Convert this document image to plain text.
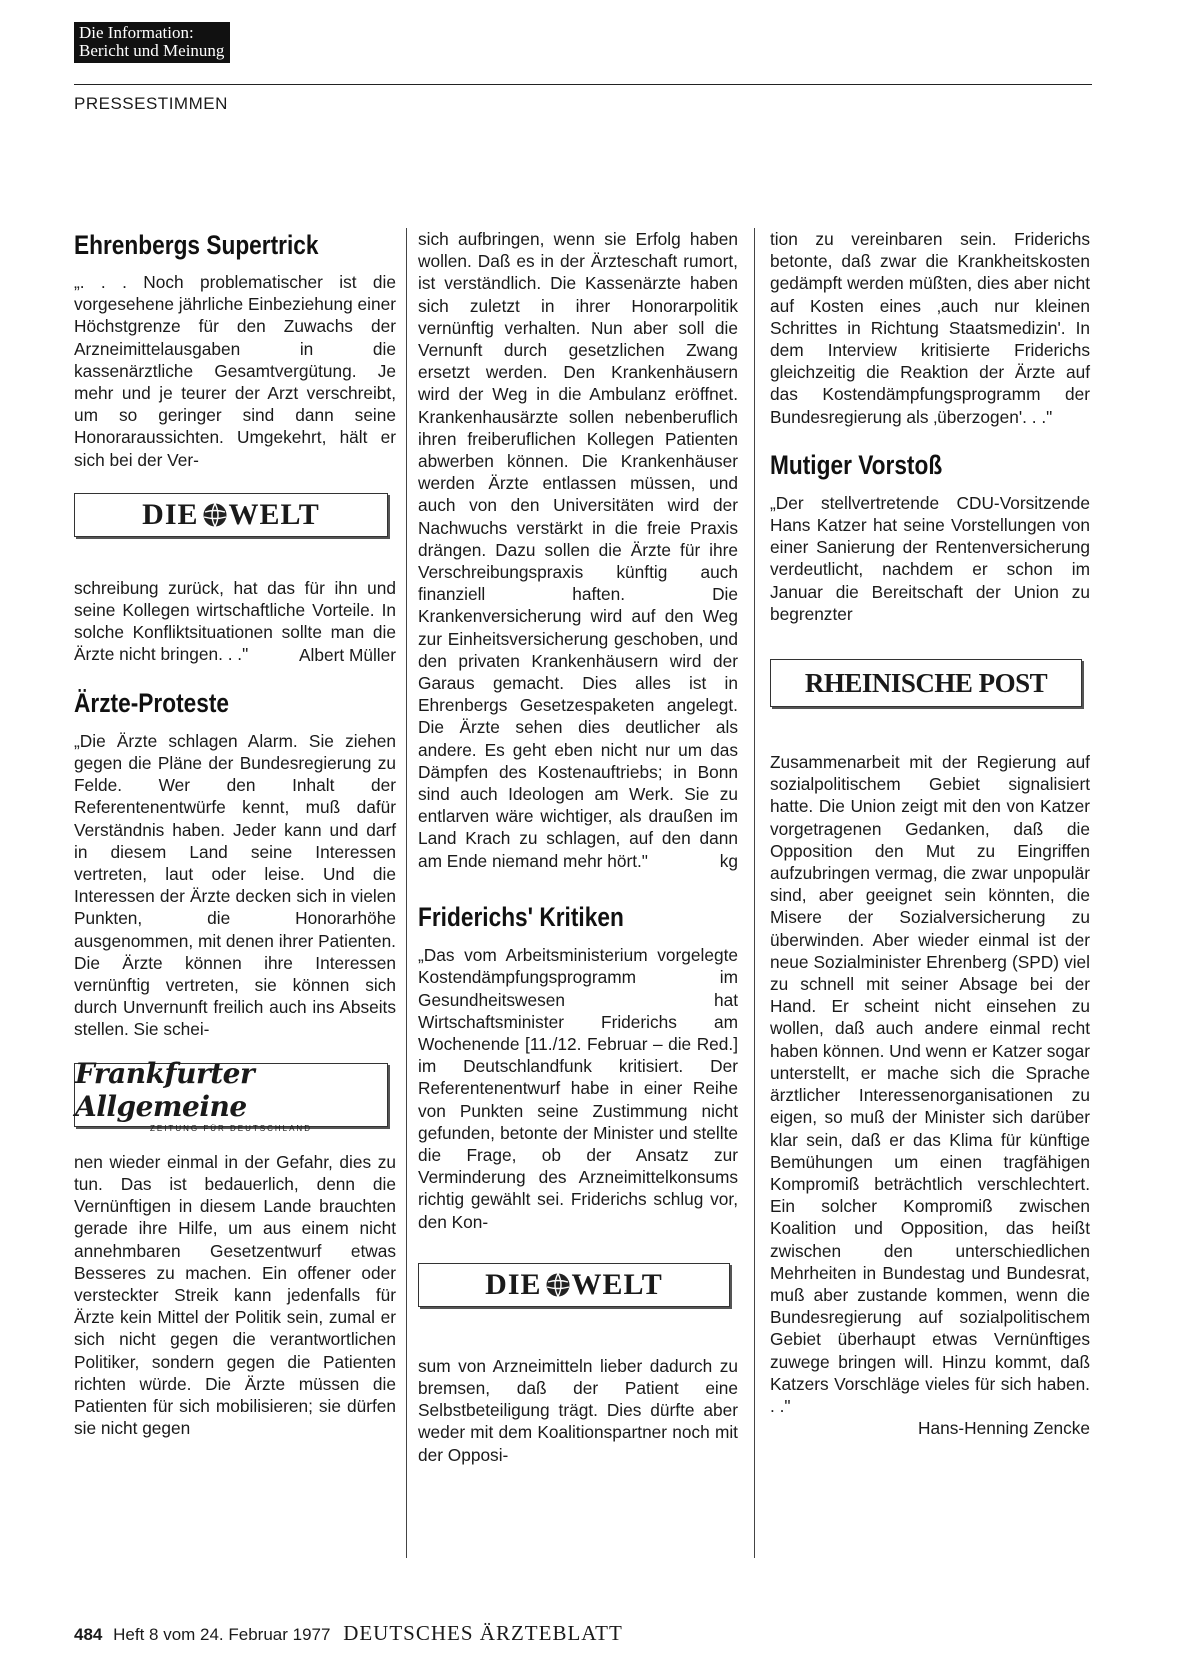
Die Information:
Bericht und Meinung
PRESSESTIMMEN
Ehrenbergs Supertrick

„. . . Noch problematischer ist die vorgesehene jährliche Einbeziehung einer Höchstgrenze für den Zuwachs der Arzneimittelausgaben in die kassenärztliche Gesamtvergütung. Je mehr und je teurer der Arzt verschreibt, um so geringer sind dann seine Honoraraussichten. Umgekehrt, hält er sich bei der Ver-

DIE WELT

schreibung zurück, hat das für ihn und seine Kollegen wirtschaftliche Vorteile. In solche Konfliktsituationen sollte man die Ärzte nicht bringen. . ."	Albert Müller

Ärzte-Proteste

„Die Ärzte schlagen Alarm. Sie ziehen gegen die Pläne der Bundesregierung zu Felde. Wer den Inhalt der Referentenentwürfe kennt, muß dafür Verständnis haben. Jeder kann und darf in diesem Land seine Interessen vertreten, laut oder leise. Und die Interessen der Ärzte decken sich in vielen Punkten, die Honorarhöhe ausgenommen, mit denen ihrer Patienten. Die Ärzte können ihre Interessen vernünftig vertreten, sie können sich durch Unvernunft freilich auch ins Abseits stellen. Sie schei-

Frankfurter Allgemeine
ZEITUNG FÜR DEUTSCHLAND

nen wieder einmal in der Gefahr, dies zu tun. Das ist bedauerlich, denn die Vernünftigen in diesem Lande brauchten gerade ihre Hilfe, um aus einem nicht annehmbaren Gesetzentwurf etwas Besseres zu machen. Ein offener oder versteckter Streik kann jedenfalls für Ärzte kein Mittel der Politik sein, zumal er sich nicht gegen die verantwortlichen Politiker, sondern gegen die Patienten richten würde. Die Ärzte müssen die Patienten für sich mobilisieren; sie dürfen sie nicht gegen

sich aufbringen, wenn sie Erfolg haben wollen. Daß es in der Ärzteschaft rumort, ist verständlich. Die Kassenärzte haben sich zuletzt in ihrer Honorarpolitik vernünftig verhalten. Nun aber soll die Vernunft durch gesetzlichen Zwang ersetzt werden. Den Krankenhäusern wird der Weg in die Ambulanz eröffnet. Krankenhausärzte sollen nebenberuflich ihren freiberuflichen Kollegen Patienten abwerben können. Die Krankenhäuser werden Ärzte entlassen müssen, und auch von den Universitäten wird der Nachwuchs verstärkt in die freie Praxis drängen. Dazu sollen die Ärzte für ihre Verschreibungspraxis künftig auch finanziell haften. Die Krankenversicherung wird auf den Weg zur Einheitsversicherung geschoben, und den privaten Krankenhäusern wird der Garaus gemacht. Dies alles ist in Ehrenbergs Gesetzespaketen angelegt. Die Ärzte sehen dies deutlicher als andere. Es geht eben nicht nur um das Dämpfen des Kostenauftriebs; in Bonn sind auch Ideologen am Werk. Sie zu entlarven wäre wichtiger, als draußen im Land Krach zu schlagen, auf den dann am Ende niemand mehr hört."	kg

Friderichs' Kritiken

„Das vom Arbeitsministerium vorgelegte Kostendämpfungsprogramm im Gesundheitswesen hat Wirtschaftsminister Friderichs am Wochenende [11./12. Februar – die Red.] im Deutschlandfunk kritisiert. Der Referentenentwurf habe in einer Reihe von Punkten seine Zustimmung nicht gefunden, betonte der Minister und stellte die Frage, ob der Ansatz zur Verminderung des Arzneimittelkonsums richtig gewählt sei. Friderichs schlug vor, den Kon-

DIE WELT

sum von Arzneimitteln lieber dadurch zu bremsen, daß der Patient eine Selbstbeteiligung trägt. Dies dürfte aber weder mit dem Koalitionspartner noch mit der Opposi-

tion zu vereinbaren sein. Friderichs betonte, daß zwar die Krankheitskosten gedämpft werden müßten, dies aber nicht auf Kosten eines ‚auch nur kleinen Schrittes in Richtung Staatsmedizin'. In dem Interview kritisierte Friderichs gleichzeitig die Reaktion der Ärzte auf das Kostendämpfungsprogramm der Bundesregierung als ‚überzogen'. . ."

Mutiger Vorstoß

„Der stellvertretende CDU-Vorsitzende Hans Katzer hat seine Vorstellungen von einer Sanierung der Rentenversicherung verdeutlicht, nachdem er schon im Januar die Bereitschaft der Union zu begrenzter

RHEINISCHE POST

Zusammenarbeit mit der Regierung auf sozialpolitischem Gebiet signalisiert hatte. Die Union zeigt mit den von Katzer vorgetragenen Gedanken, daß die Opposition den Mut zu Eingriffen aufzubringen vermag, die zwar unpopulär sind, aber geeignet sein könnten, die Misere der Sozialversicherung zu überwinden. Aber wieder einmal ist der neue Sozialminister Ehrenberg (SPD) viel zu schnell mit seiner Absage bei der Hand. Er scheint nicht einsehen zu wollen, daß auch andere einmal recht haben können. Und wenn er Katzer sogar unterstellt, er mache sich die Sprache ärztlicher Interessenorganisationen zu eigen, so muß der Minister sich darüber klar sein, daß er das Klima für künftige Bemühungen um einen tragfähigen Kompromiß beträchtlich verschlechtert. Ein solcher Kompromiß zwischen Koalition und Opposition, das heißt zwischen den unterschiedlichen Mehrheiten in Bundestag und Bundesrat, muß aber zustande kommen, wenn die Bundesregierung auf sozialpolitischem Gebiet überhaupt etwas Vernünftiges zuwege bringen will. Hinzu kommt, daß Katzers Vorschläge vieles für sich haben. . ."

Hans-Henning Zencke

484 Heft 8 vom 24. Februar 1977 DEUTSCHES ÄRZTEBLATT
